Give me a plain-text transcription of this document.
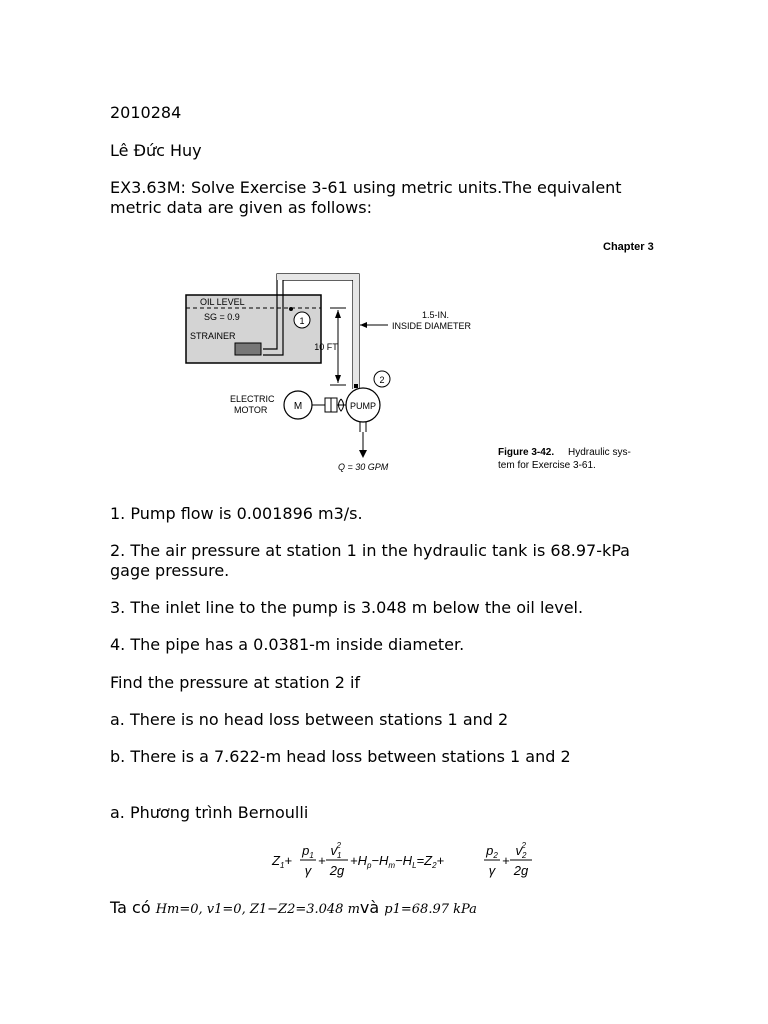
2010284

Lê Đức Huy

EX3.63M: Solve Exercise 3-61 using metric units.The equivalent metric data are given as follows:

Chapter 3
OIL LEVEL
SG = 0.9
STRAINER
1
10 FT
1.5-IN.
INSIDE DIAMETER
2
ELECTRIC
MOTOR	M	PUMP
Q = 30 GPM
Figure 3-42. Hydraulic sys-
tem for Exercise 3-61.

1. Pump flow is 0.001896 m3/s.

2. The air pressure at station 1 in the hydraulic tank is 68.97-kPa gage pressure.

3. The inlet line to the pump is 3.048 m below the oil level.

4. The pipe has a 0.0381-m inside diameter.

Find the pressure at station 2 if

a. There is no head loss between stations 1 and 2

b. There is a 7.622-m head loss between stations 1 and 2

a. Phương trình Bernoulli

$Z_1+$
$p_1$
γ
+
$v_12$
2g
$+H_p-H_m-H_L=Z_2+$
$p_2$
γ
+
$v_22$
2g
Ta có Hm=0, v1=0, Z1−Z2=3.048 mvà p1=68.97 kPa
